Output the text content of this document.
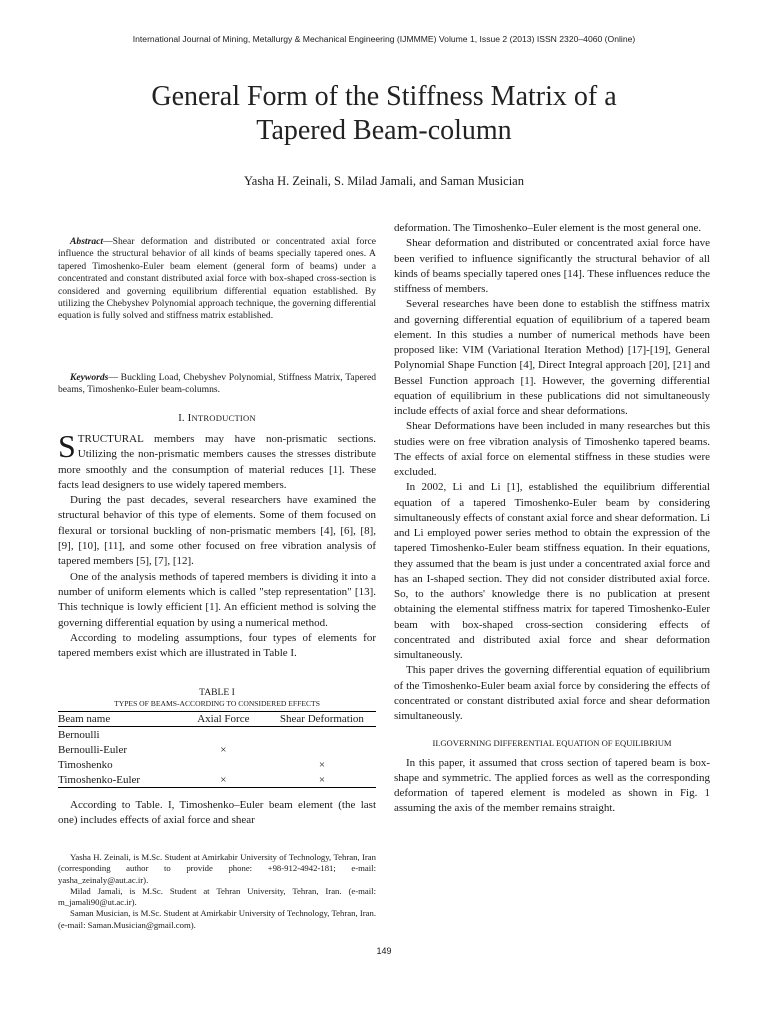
International Journal of Mining, Metallurgy & Mechanical Engineering (IJMMME) Volume 1, Issue 2 (2013) ISSN 2320–4060 (Online)
General Form of the Stiffness Matrix of a
Tapered Beam-column
Yasha H. Zeinali, S. Milad Jamali, and Saman Musician
Abstract—Shear deformation and distributed or concentrated axial force influence the structural behavior of all kinds of beams specially tapered ones. A tapered Timoshenko-Euler beam element (general form of beams) under a concentrated and constant distributed axial force with box-shaped cross-section is considered and governing equilibrium differential equation established. By utilizing the Chebyshev Polynomial approach technique, the governing differential equation is fully solved and stiffness matrix established.
Keywords— Buckling Load, Chebyshev Polynomial, Stiffness Matrix, Tapered beams, Timoshenko-Euler beam-columns.
I. INTRODUCTION

STRUCTURAL members may have non-prismatic sections. Utilizing the non-prismatic members causes the stresses distribute more smoothly and the consumption of material reduces [1]. These facts lead designers to use widely tapered members.

During the past decades, several researchers have examined the structural behavior of this type of elements. Some of them focused on flexural or torsional buckling of non-prismatic members [4], [6], [8], [9], [10], [11], and some other focused on free vibration analysis of tapered members [5], [7], [12].

One of the analysis methods of tapered members is dividing it into a number of uniform elements which is called "step representation" [13]. This technique is lowly efficient [1]. An efficient method is solving the governing differential equation by using a numerical method.

According to modeling assumptions, four types of elements for tapered members exist which are illustrated in Table I.

TABLE I
TYPES OF BEAMS-ACCORDING TO CONSIDERED EFFECTS
Beam name	Axial Force	Shear Deformation
Bernoulli		
Bernoulli-Euler	×	
Timoshenko		×
Timoshenko-Euler	×	×
According to Table. I, Timoshenko–Euler beam element (the last one) includes effects of axial force and shear

Yasha H. Zeinali, is M.Sc. Student at Amirkabir University of Technology, Tehran, Iran (corresponding author to provide phone: +98-912-4942-181; e-mail: yasha_zeinaly@aut.ac.ir).

Milad Jamali, is M.Sc. Student at Tehran University, Tehran, Iran. (e-mail: m_jamali90@ut.ac.ir).

Saman Musician, is M.Sc. Student at Amirkabir University of Technology, Tehran, Iran. (e-mail: Saman.Musician@gmail.com).

deformation. The Timoshenko–Euler element is the most general one.

Shear deformation and distributed or concentrated axial force have been verified to influence significantly the structural behavior of all kinds of beams specially tapered ones [14]. These influences reduce the stiffness of members.

Several researches have been done to establish the stiffness matrix and governing differential equation of equilibrium of a tapered beam element. In this studies a number of numerical methods have been proposed like: VIM (Variational Iteration Method) [17]-[19], General Polynomial Shape Function [4], Direct Integral approach [20], [21] and Bessel Function approach [1]. However, the governing differential equation of equilibrium in these publications did not simultaneously include effects of axial force and shear deformations.

Shear Deformations have been included in many researches but this studies were on free vibration analysis of Timoshenko tapered beams. The effects of axial force on elemental stiffness in these studies were excluded.

In 2002, Li and Li [1], established the equilibrium differential equation of a tapered Timoshenko-Euler beam by considering simultaneously effects of constant axial force and shear deformation. Li and Li employed power series method to obtain the expression of the tapered Timoshenko-Euler beam stiffness equation. In their equations, they assumed that the beam is just under a concentrated axial force and has an I-shaped section. They did not consider distributed axial force. So, to the authors' knowledge there is no publication at present obtaining the elemental stiffness matrix for tapered Timoshenko-Euler beam with box-shaped cross-section considering effects of concentrated and distributed axial force and shear deformation simultaneously.

This paper drives the governing differential equation of equilibrium of the Timoshenko-Euler beam axial force by considering the effects of concentrated or constant distributed axial force and shear deformation simultaneously.

II.GOVERNING DIFFERENTIAL EQUATION OF EQUILIBRIUM

In this paper, it assumed that cross section of tapered beam is box-shape and symmetric. The applied forces as well as the corresponding deformation of tapered element is modeled as shown in Fig. 1 assuming the axis of the member remains straight.

149
